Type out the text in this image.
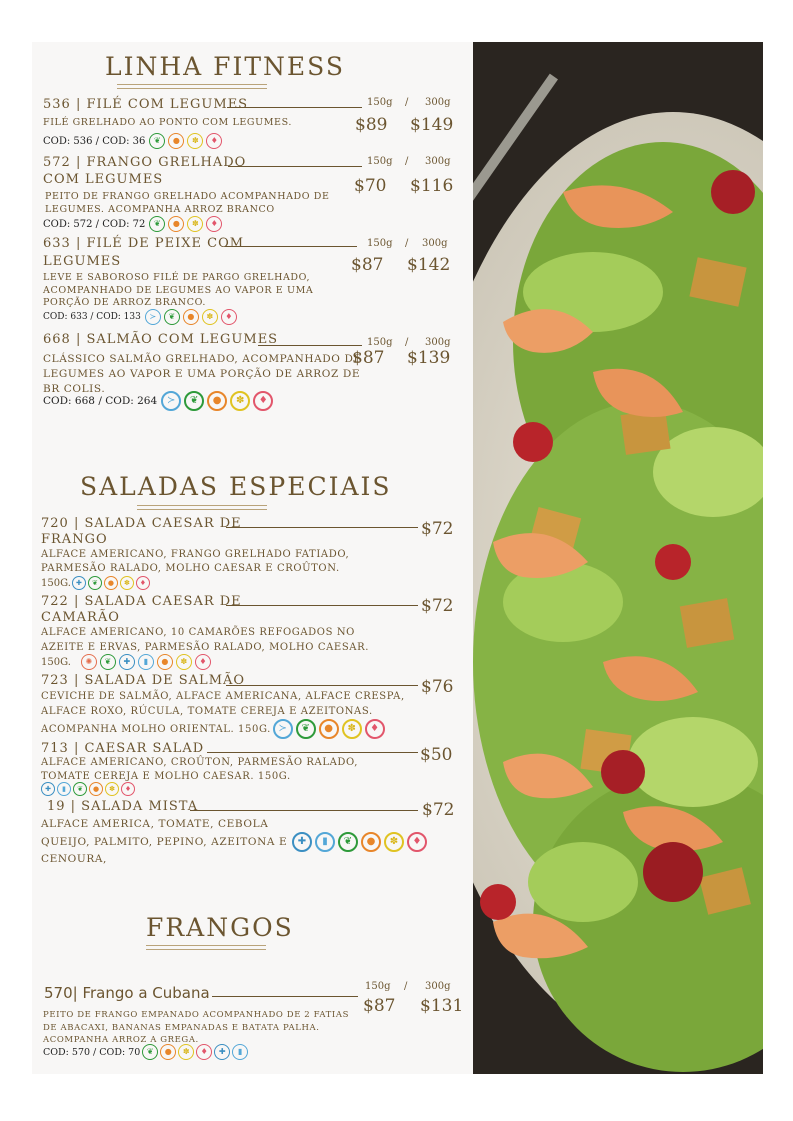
LINHA FITNESS
536 | FILÉ COM LEGUMES	150g / 300g
$89 $149
FILÉ GRELHADO AO PONTO COM LEGUMES.
COD: 536 / COD: 36	❦	●	✽	♦
572 | FRANGO GRELHADO
COM LEGUMES
150g / 300g
$70 $116
PEITO DE FRANGO GRELHADO ACOMPANHADO DE
LEGUMES. ACOMPANHA ARROZ BRANCO
COD: 572 / COD: 72	❦	●	✽	♦
633 | FILÉ DE PEIXE COM
LEGUMES
150g / 300g
$87 $142
LEVE E SABOROSO FILÉ DE PARGO GRELHADO,
ACOMPANHADO DE LEGUMES AO VAPOR E UMA
PORÇÃO DE ARROZ BRANCO.
COD: 633 / COD: 133	≻	❦	●	✽	♦
668 | SALMÃO COM LEGUMES	150g / 300g
$87 $139
CLÁSSICO SALMÃO GRELHADO, ACOMPANHADO DE
LEGUMES AO VAPOR E UMA PORÇÃO DE ARROZ DE
BR COLIS.
COD: 668 / COD: 264 ≻	❦	●	✽	♦
SALADAS ESPECIAIS
720 | SALADA CAESAR DE
FRANGO
$72
ALFACE AMERICANO, FRANGO GRELHADO FATIADO,
PARMESÃO RALADO, MOLHO CAESAR E CROÛTON.
150G. ✚	❦	●	✽	♦
722 | SALADA CAESAR DE
CAMARÃO
$72
ALFACE AMERICANO, 10 CAMARÕES REFOGADOS NO
AZEITE E ERVAS, PARMESÃO RALADO, MOLHO CAESAR.
150G.	✺	❦	✚	▮	●	✽	♦
723 | SALADA DE SALMÃO	$76
CEVICHE DE SALMÃO, ALFACE AMERICANA, ALFACE CRESPA,
ALFACE ROXO, RÚCULA, TOMATE CEREJA E AZEITONAS.
ACOMPANHA MOLHO ORIENTAL. 150G. ≻	❦	●	✽	♦
713 | CAESAR SALAD	$50
ALFACE AMERICANO, CROÛTON, PARMESÃO RALADO,
TOMATE CEREJA E MOLHO CAESAR. 150G.
✚	▮	❦	●	✽	♦
19 | SALADA MISTA	$72
ALFACE AMERICA, TOMATE, CEBOLA
QUEIJO, PALMITO, PEPINO, AZEITONA E	✚	▮	❦	●	✽	♦
CENOURA,
FRANGOS
570| Frango a Cubana	150g / 300g
$87 $131
PEITO DE FRANGO EMPANADO ACOMPANHADO DE 2 FATIAS
DE ABACAXI, BANANAS EMPANADAS E BATATA PALHA.
ACOMPANHA ARROZ A GREGA.
COD: 570 / COD: 70 ❦	●	✽	♦	✚	▮
